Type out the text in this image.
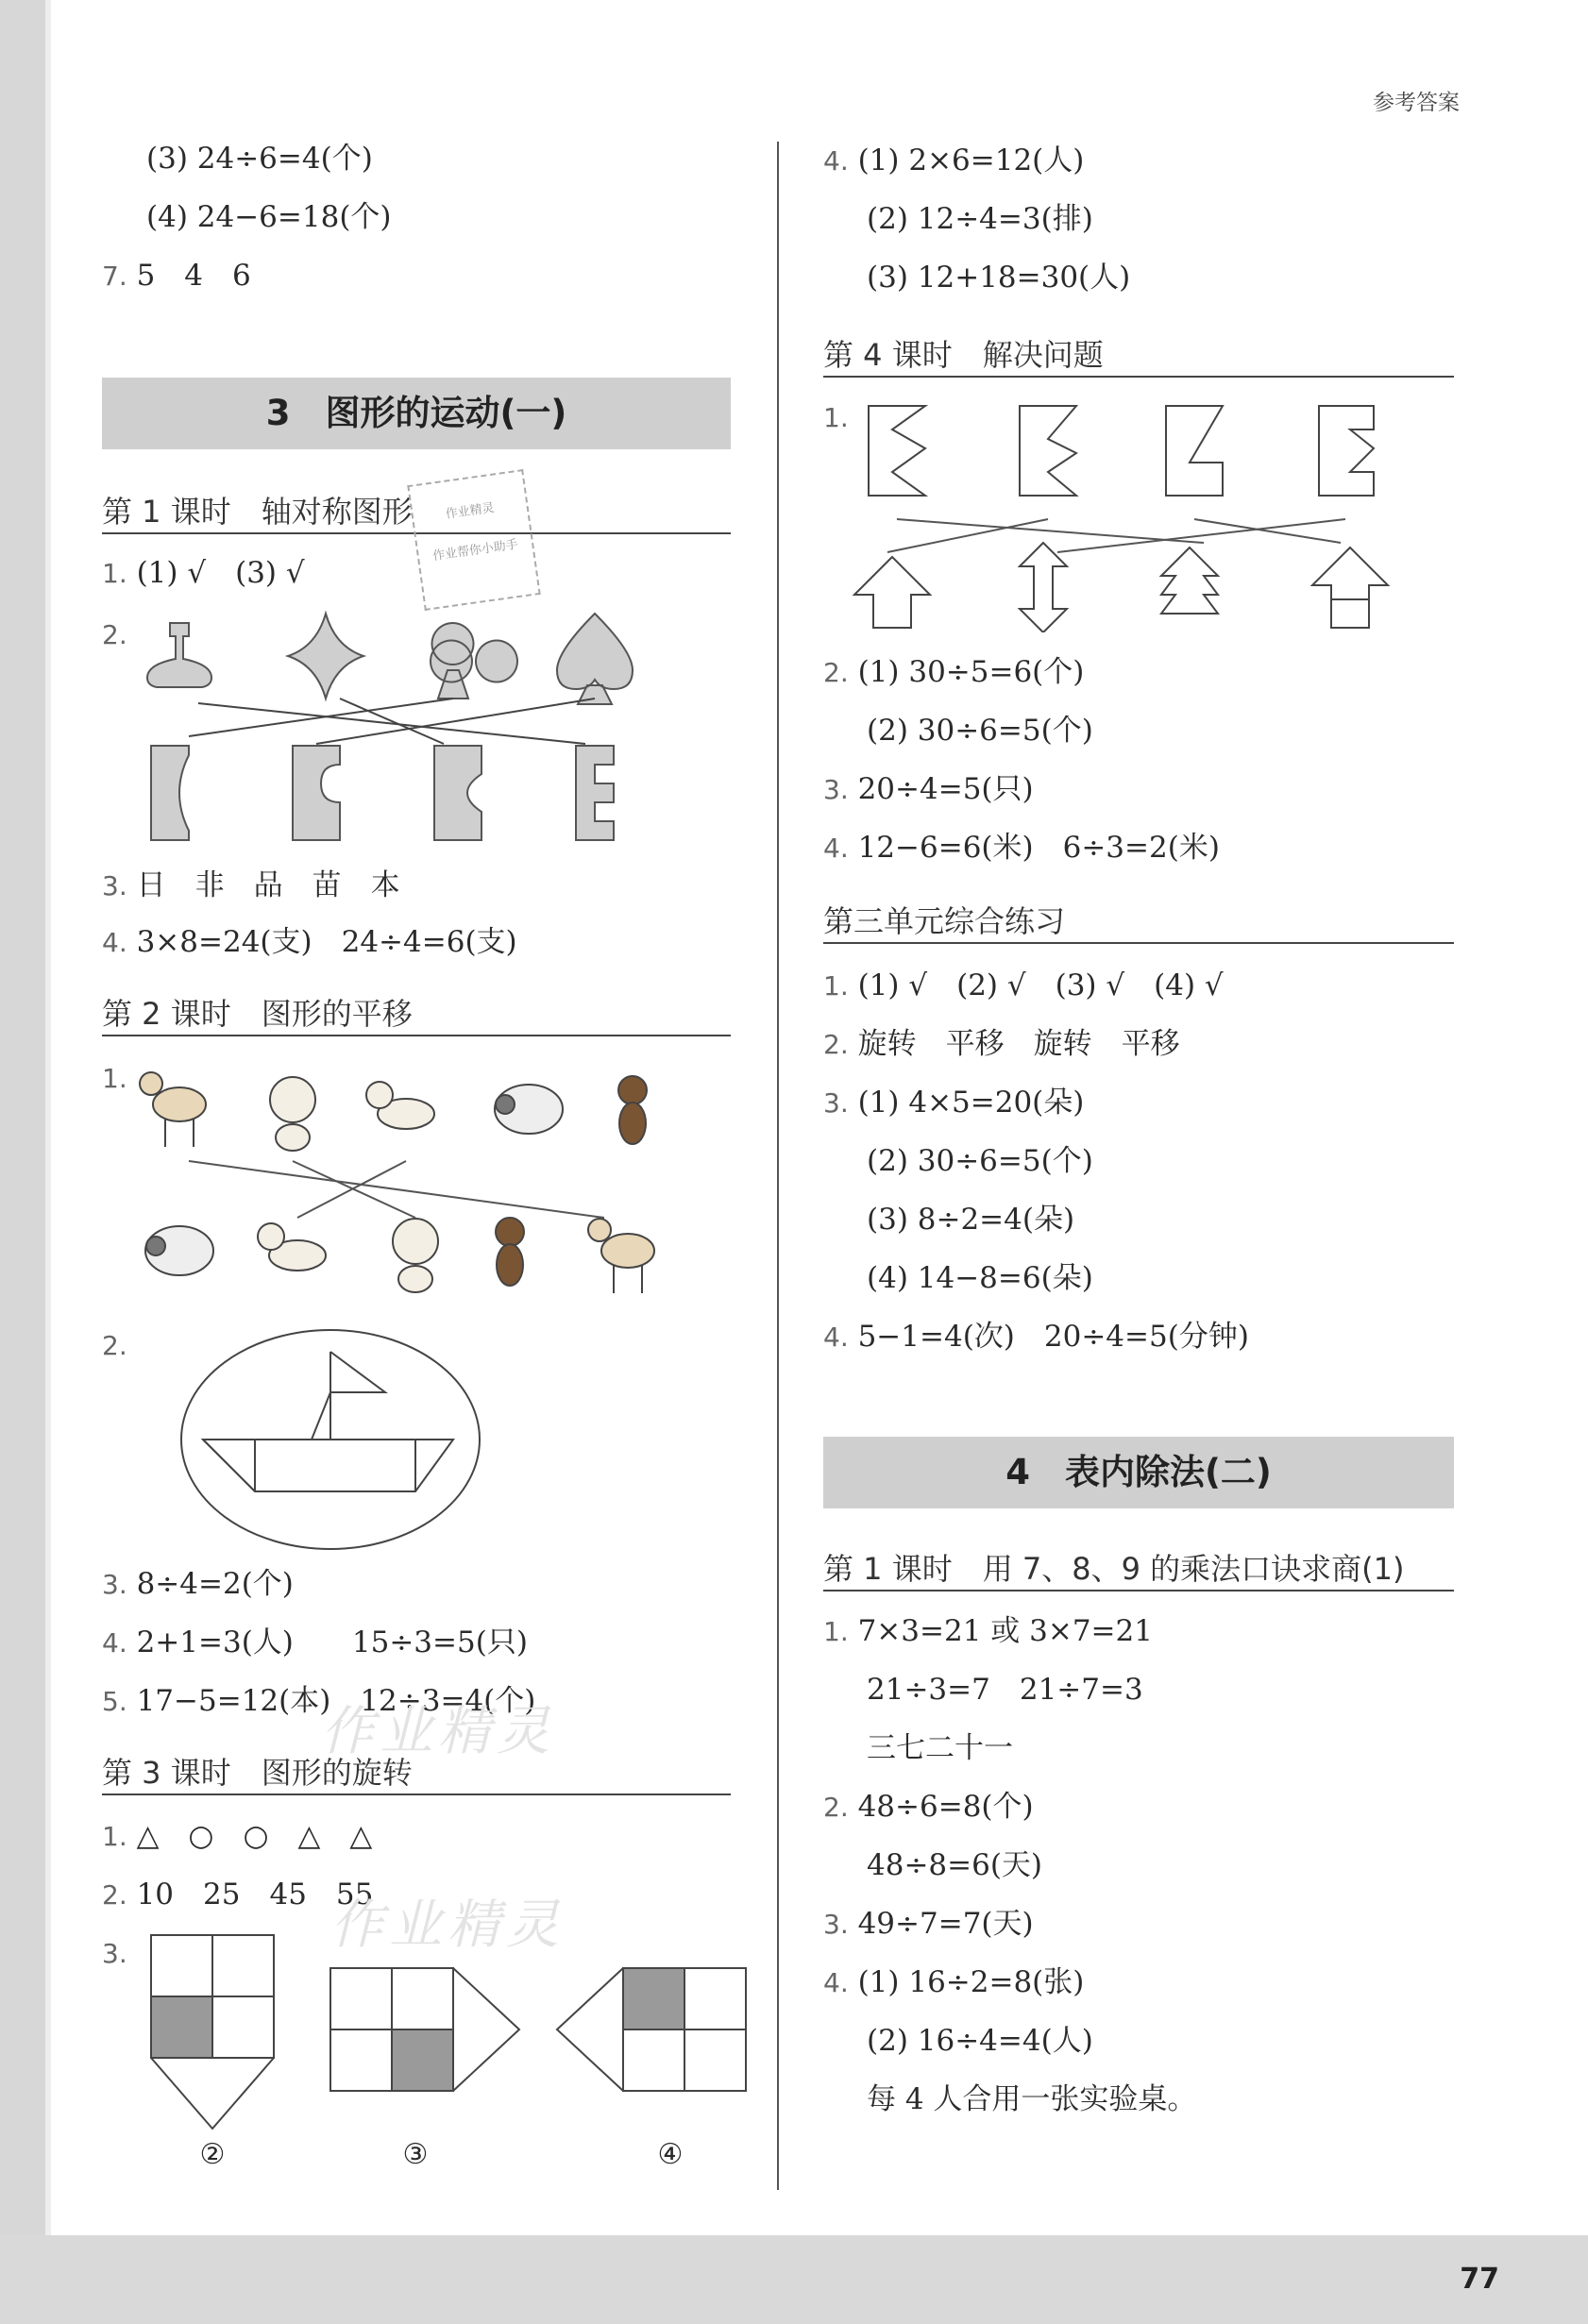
参考答案
(3) 24÷6=4(个)
(4) 24−6=18(个)
7. 5　4　6
3　图形的运动(一)
第 1 课时　轴对称图形	作业精灵
作业帮你小助手
1. (1) √　(3) √
2.
3. 日　非　品　苗　本
4. 3×8=24(支)　24÷4=6(支)
第 2 课时　图形的平移
1.
2.
3. 8÷4=2(个)
4. 2+1=3(人)　　15÷3=5(只)
5. 17−5=12(本)　12÷3=4(个)
第 3 课时　图形的旋转
1. △　○　○　△　△
2. 10　25　45　55
3.
②	③	④
作业精灵
作业精灵
4. (1) 2×6=12(人)
(2) 12÷4=3(排)
(3) 12+18=30(人)
第 4 课时　解决问题
1.
2. (1) 30÷5=6(个)
(2) 30÷6=5(个)
3. 20÷4=5(只)
4. 12−6=6(米)　6÷3=2(米)
第三单元综合练习
1. (1) √　(2) √　(3) √　(4) √
2. 旋转　平移　旋转　平移
3. (1) 4×5=20(朵)
(2) 30÷6=5(个)
(3) 8÷2=4(朵)
(4) 14−8=6(朵)
4. 5−1=4(次)　20÷4=5(分钟)
4　表内除法(二)
第 1 课时　用 7、8、9 的乘法口诀求商(1)
1. 7×3=21 或 3×7=21
21÷3=7　21÷7=3
三七二十一
2. 48÷6=8(个)
48÷8=6(天)
3. 49÷7=7(天)
4. (1) 16÷2=8(张)
(2) 16÷4=4(人)
每 4 人合用一张实验桌。
77
